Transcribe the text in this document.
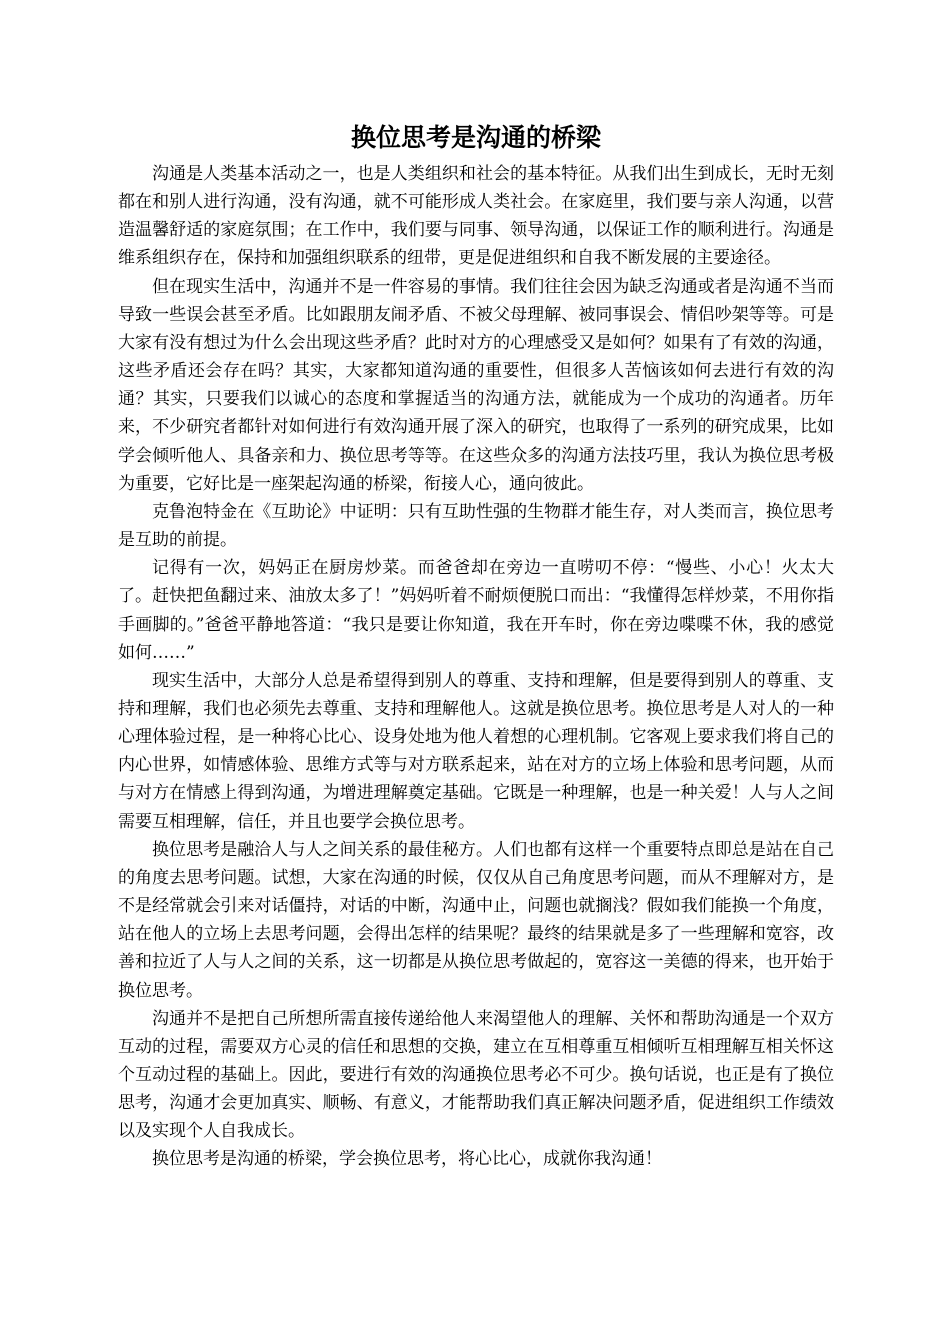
换位思考是沟通的桥梁

沟通是人类基本活动之一，也是人类组织和社会的基本特征。从我们出生到成长，无时无刻都在和别人进行沟通，没有沟通，就不可能形成人类社会。在家庭里，我们要与亲人沟通，以营造温馨舒适的家庭氛围；在工作中，我们要与同事、领导沟通，以保证工作的顺利进行。沟通是维系组织存在，保持和加强组织联系的纽带，更是促进组织和自我不断发展的主要途径。

但在现实生活中，沟通并不是一件容易的事情。我们往往会因为缺乏沟通或者是沟通不当而导致一些误会甚至矛盾。比如跟朋友闹矛盾、不被父母理解、被同事误会、情侣吵架等等。可是大家有没有想过为什么会出现这些矛盾？此时对方的心理感受又是如何？如果有了有效的沟通，这些矛盾还会存在吗？其实，大家都知道沟通的重要性，但很多人苦恼该如何去进行有效的沟通？其实，只要我们以诚心的态度和掌握适当的沟通方法，就能成为一个成功的沟通者。历年来，不少研究者都针对如何进行有效沟通开展了深入的研究，也取得了一系列的研究成果，比如学会倾听他人、具备亲和力、换位思考等等。在这些众多的沟通方法技巧里，我认为换位思考极为重要，它好比是一座架起沟通的桥梁，衔接人心，通向彼此。

克鲁泡特金在《互助论》中证明：只有互助性强的生物群才能生存，对人类而言，换位思考是互助的前提。

记得有一次，妈妈正在厨房炒菜。而爸爸却在旁边一直唠叨不停：“慢些、小心！火太大了。赶快把鱼翻过来、油放太多了！”妈妈听着不耐烦便脱口而出：“我懂得怎样炒菜，不用你指手画脚的。”爸爸平静地答道：“我只是要让你知道，我在开车时，你在旁边喋喋不休，我的感觉如何……”

现实生活中，大部分人总是希望得到别人的尊重、支持和理解，但是要得到别人的尊重、支持和理解，我们也必须先去尊重、支持和理解他人。这就是换位思考。换位思考是人对人的一种心理体验过程，是一种将心比心、设身处地为他人着想的心理机制。它客观上要求我们将自己的内心世界，如情感体验、思维方式等与对方联系起来，站在对方的立场上体验和思考问题，从而与对方在情感上得到沟通，为增进理解奠定基础。它既是一种理解，也是一种关爱！人与人之间需要互相理解，信任，并且也要学会换位思考。

换位思考是融洽人与人之间关系的最佳秘方。人们也都有这样一个重要特点即总是站在自己的角度去思考问题。试想，大家在沟通的时候，仅仅从自己角度思考问题，而从不理解对方，是不是经常就会引来对话僵持，对话的中断，沟通中止，问题也就搁浅？假如我们能换一个角度，站在他人的立场上去思考问题，会得出怎样的结果呢？最终的结果就是多了一些理解和宽容，改善和拉近了人与人之间的关系，这一切都是从换位思考做起的，宽容这一美德的得来，也开始于换位思考。

沟通并不是把自己所想所需直接传递给他人来渴望他人的理解、关怀和帮助沟通是一个双方互动的过程，需要双方心灵的信任和思想的交换，建立在互相尊重互相倾听互相理解互相关怀这个互动过程的基础上。因此，要进行有效的沟通换位思考必不可少。换句话说，也正是有了换位思考，沟通才会更加真实、顺畅、有意义，才能帮助我们真正解决问题矛盾，促进组织工作绩效以及实现个人自我成长。

换位思考是沟通的桥梁，学会换位思考，将心比心，成就你我沟通！
